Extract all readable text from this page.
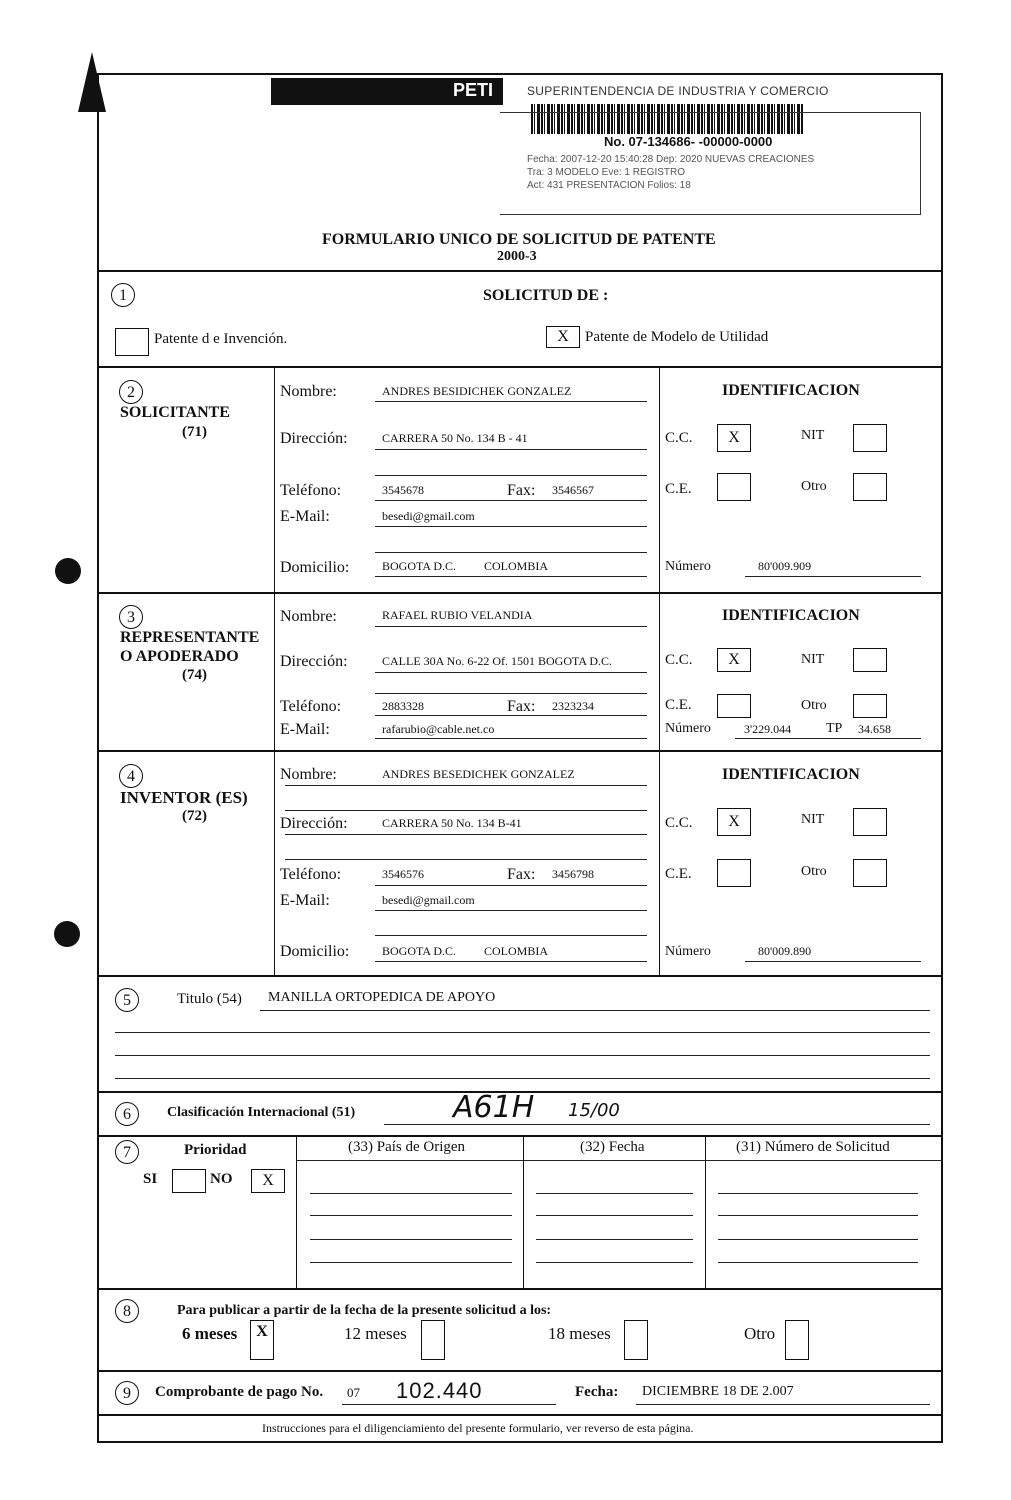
PETI	SUPERINTENDENCIA DE INDUSTRIA Y COMERCIO
No. 07-134686- -00000-0000
Fecha: 2007-12-20 15:40:28 Dep: 2020 NUEVAS CREACIONES
Tra: 3 MODELO Eve: 1 REGISTRO
Act: 431 PRESENTACION Folios: 18
FORMULARIO UNICO DE SOLICITUD DE PATENTE
2000-3
1	SOLICITUD DE :
Patente d e Invención.	X	Patente de Modelo de Utilidad
2
SOLICITANTE
(71)
Nombre:	ANDRES BESIDICHEK GONZALEZ
Dirección:	CARRERA 50 No. 134 B - 41
Teléfono:	3545678	Fax: 3546567
E-Mail:	besedi@gmail.com
Domicilio:	BOGOTA D.C. COLOMBIA
IDENTIFICACION
C.C.	X	NIT
C.E.	Otro
Número	80'009.909
3
REPRESENTANTE
O APODERADO
(74)
Nombre:	RAFAEL RUBIO VELANDIA
Dirección:	CALLE 30A No. 6-22 Of. 1501 BOGOTA D.C.
Teléfono:	2883328	Fax: 2323234
E-Mail:	rafarubio@cable.net.co
IDENTIFICACION
C.C.	X	NIT
C.E.	Otro
Número	3'229.044 TP 34.658
4
INVENTOR (ES)
(72)
Nombre:	ANDRES BESEDICHEK GONZALEZ
Dirección:	CARRERA 50 No. 134 B-41
Teléfono:	3546576	Fax: 3456798
E-Mail:	besedi@gmail.com
Domicilio:	BOGOTA D.C. COLOMBIA
IDENTIFICACION
C.C.	X	NIT
C.E.	Otro
Número	80'009.890
5	Titulo (54) MANILLA ORTOPEDICA DE APOYO
6	Clasificación Internacional (51)	A61H 15/00
7	Prioridad
SI	NO	X
(33) País de Origen	(32) Fecha	(31) Número de Solicitud
8	Para publicar a partir de la fecha de la presente solicitud a los:
6 meses	X	12 meses	18 meses	Otro
9	Comprobante de pago No. 07 102.440	Fecha: DICIEMBRE 18 DE 2.007
Instrucciones para el diligenciamiento del presente formulario, ver reverso de esta página.
